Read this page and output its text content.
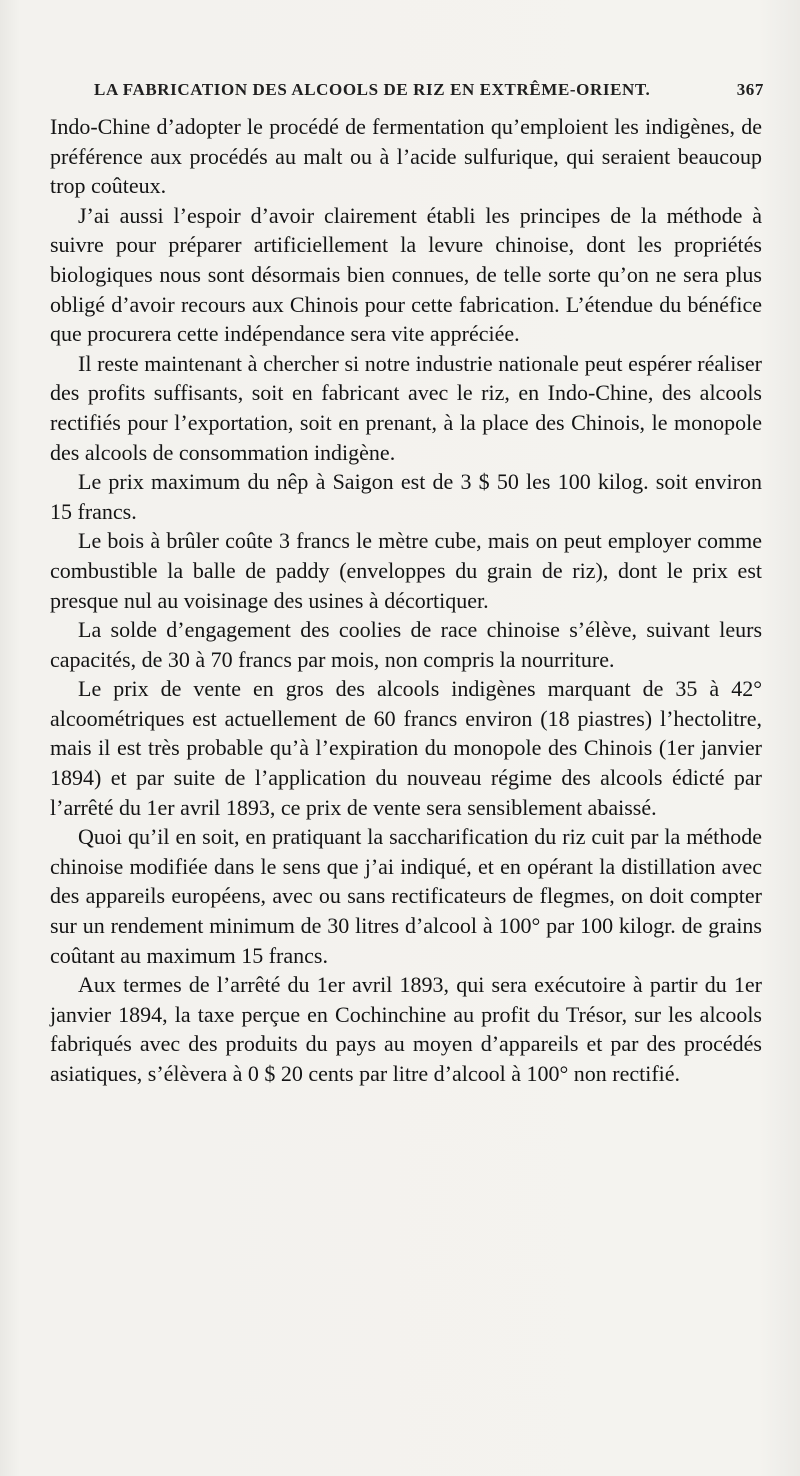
LA FABRICATION DES ALCOOLS DE RIZ EN EXTRÊME-ORIENT.	367

Indo-Chine d’adopter le procédé de fermentation qu’emploient les indigènes, de préférence aux procédés au malt ou à l’acide sulfurique, qui seraient beaucoup trop coûteux.

J’ai aussi l’espoir d’avoir clairement établi les principes de la méthode à suivre pour préparer artificiellement la levure chinoise, dont les propriétés biologiques nous sont désormais bien connues, de telle sorte qu’on ne sera plus obligé d’avoir recours aux Chinois pour cette fabrication. L’étendue du bénéfice que procurera cette indépendance sera vite appréciée.

Il reste maintenant à chercher si notre industrie nationale peut espérer réaliser des profits suffisants, soit en fabricant avec le riz, en Indo-Chine, des alcools rectifiés pour l’exportation, soit en prenant, à la place des Chinois, le monopole des alcools de consommation indigène.

Le prix maximum du nêp à Saigon est de 3 $ 50 les 100 kilog. soit environ 15 francs.

Le bois à brûler coûte 3 francs le mètre cube, mais on peut employer comme combustible la balle de paddy (enveloppes du grain de riz), dont le prix est presque nul au voisinage des usines à décortiquer.

La solde d’engagement des coolies de race chinoise s’élève, suivant leurs capacités, de 30 à 70 francs par mois, non compris la nourriture.

Le prix de vente en gros des alcools indigènes marquant de 35 à 42° alcoométriques est actuellement de 60 francs environ (18 piastres) l’hectolitre, mais il est très probable qu’à l’expiration du monopole des Chinois (1er janvier 1894) et par suite de l’application du nouveau régime des alcools édicté par l’arrêté du 1er avril 1893, ce prix de vente sera sensiblement abaissé.

Quoi qu’il en soit, en pratiquant la saccharification du riz cuit par la méthode chinoise modifiée dans le sens que j’ai indiqué, et en opérant la distillation avec des appareils européens, avec ou sans rectificateurs de flegmes, on doit compter sur un rendement minimum de 30 litres d’alcool à 100° par 100 kilogr. de grains coûtant au maximum 15 francs.

Aux termes de l’arrêté du 1er avril 1893, qui sera exécutoire à partir du 1er janvier 1894, la taxe perçue en Cochinchine au profit du Trésor, sur les alcools fabriqués avec des produits du pays au moyen d’appareils et par des procédés asiatiques, s’élèvera à 0 $ 20 cents par litre d’alcool à 100° non rectifié.
